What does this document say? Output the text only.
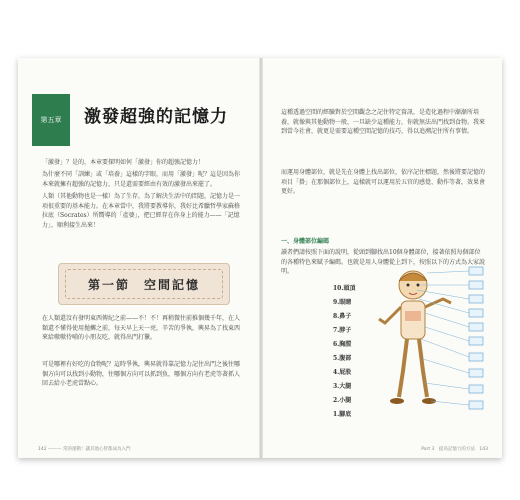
第五章	激發超強的記憶力

「激發」？是的，本章要探明如何「激發」你的超強記憶力！

為什麼不同「訓練」或「培養」這樣的字眼，而用「激發」呢？這是因為你本來就擁有超強的記憶力，只是還需要經由有效的激發出來罷了。

人類（其他動物也是一樣）為了生存，為了解決生活中的問題，記憶力是一項很重要的基本能力。在本章當中，我將要教導你，我好比希臘哲學家蘇格拉底（Socrates）所嚮導的「產婆」，把已經存在你身上的能力——「記憶力」，順利接生出來！

第一節　空間記憶

在人類還沒有發明東西傳紀之前——不！不！再稍微往前推個幾千年，在人類還不懂得使用拋擲之前，每天早上天一亮，辛苦的爭執，興昇為了找東西來給嗷嗷待哺的小朋友吃，就得出門打獵。

可是哪裡有好吃的食物呢？這時爭執，興昇就得靠記憶力記住出門之後往哪個方向可以找到小動物，往哪個方向可以抓到魚，哪個方向有老虎等著抓人回去給小老虎當點心。

142 ——— 常的運動！讓其他心智都成為入門

這種透過空間的經驗對於空間觀念之記住特定資訊，是造化過程中漸漸所培養，就像與其他動物一般，一旦缺少這種能力，你就無法出門找到食物。我來到當今社會，就更是需要這種空間記憶的技巧，得以追溯記住所有事情。

而運用身體部位，就是先在身體上找出部位，依序記住標題，然後將要記憶的項目「掛」在那個部位上，這樣就可以運用於五官的感覺、動作等著，效果會更好。

一、身體部位編碼

讀者們請按照下面的說明，從頭到腳找出10個身體部位，接著依照每個部位的各種特色來賦予編碼。也就是用人身體從上到下，按照以下的方式為大家說明。

10.頭頂
9.眼睛
8.鼻子
7.脖子
6.胸膛
5.腹部
4.屁股
3.大腿
2.小腿
1.腳底
Part 3　提高記憶力的方法　143
